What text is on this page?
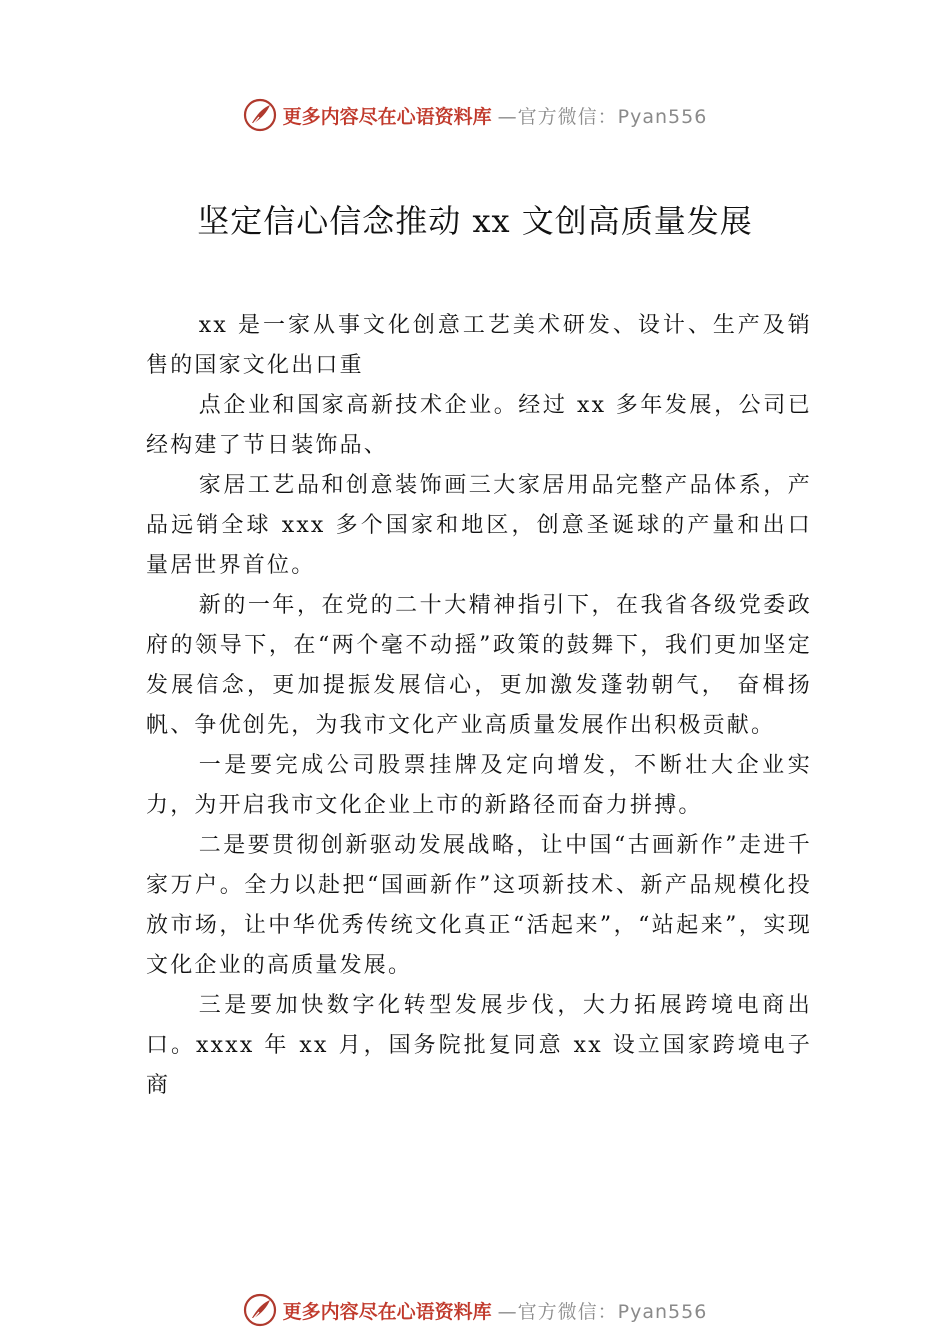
更多内容尽在心语资料库 —官方微信：Pyan556
坚定信心信念推动 xx 文创高质量发展

xx 是一家从事文化创意工艺美术研发、设计、生产及销售的国家文化出口重

点企业和国家高新技术企业。经过 xx 多年发展，公司已经构建了节日装饰品、

家居工艺品和创意装饰画三大家居用品完整产品体系，产品远销全球 xxx 多个国家和地区，创意圣诞球的产量和出口量居世界首位。

新的一年，在党的二十大精神指引下，在我省各级党委政府的领导下，在“两个毫不动摇”政策的鼓舞下，我们更加坚定发展信念，更加提振发展信心，更加激发蓬勃朝气， 奋楫扬帆、争优创先，为我市文化产业高质量发展作出积极贡献。

一是要完成公司股票挂牌及定向增发，不断壮大企业实力，为开启我市文化企业上市的新路径而奋力拼搏。

二是要贯彻创新驱动发展战略，让中国“古画新作”走进千家万户。全力以赴把“国画新作”这项新技术、新产品规模化投放市场，让中华优秀传统文化真正“活起来”，“站起来”，实现文化企业的高质量发展。

三是要加快数字化转型发展步伐，大力拓展跨境电商出口。xxxx 年 xx 月，国务院批复同意 xx 设立国家跨境电子商

更多内容尽在心语资料库 —官方微信：Pyan556
